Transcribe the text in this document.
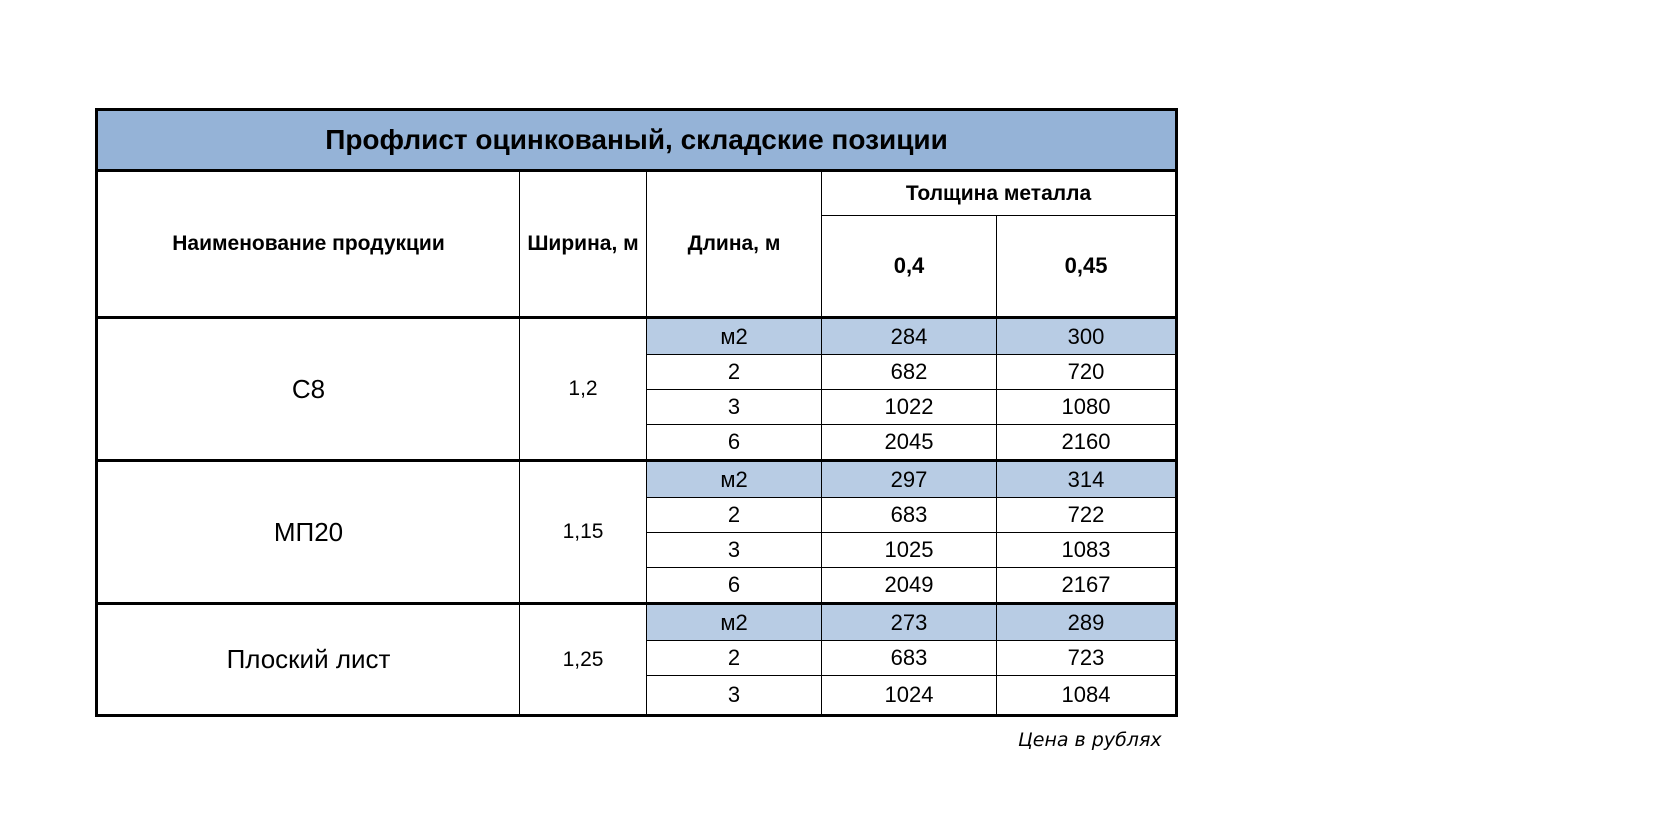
Профлист оцинкованый, складские позиции				
Наименование продукции	Ширина, м	Длина, м	Толщина металла	
			0,4	0,45
С8	1,2	м2	284	300
		2	682	720
		3	1022	1080
		6	2045	2160
МП20	1,15	м2	297	314
		2	683	722
		3	1025	1083
		6	2049	2167
Плоский лист	1,25	м2	273	289
		2	683	723
		3	1024	1084
Цена в рублях
